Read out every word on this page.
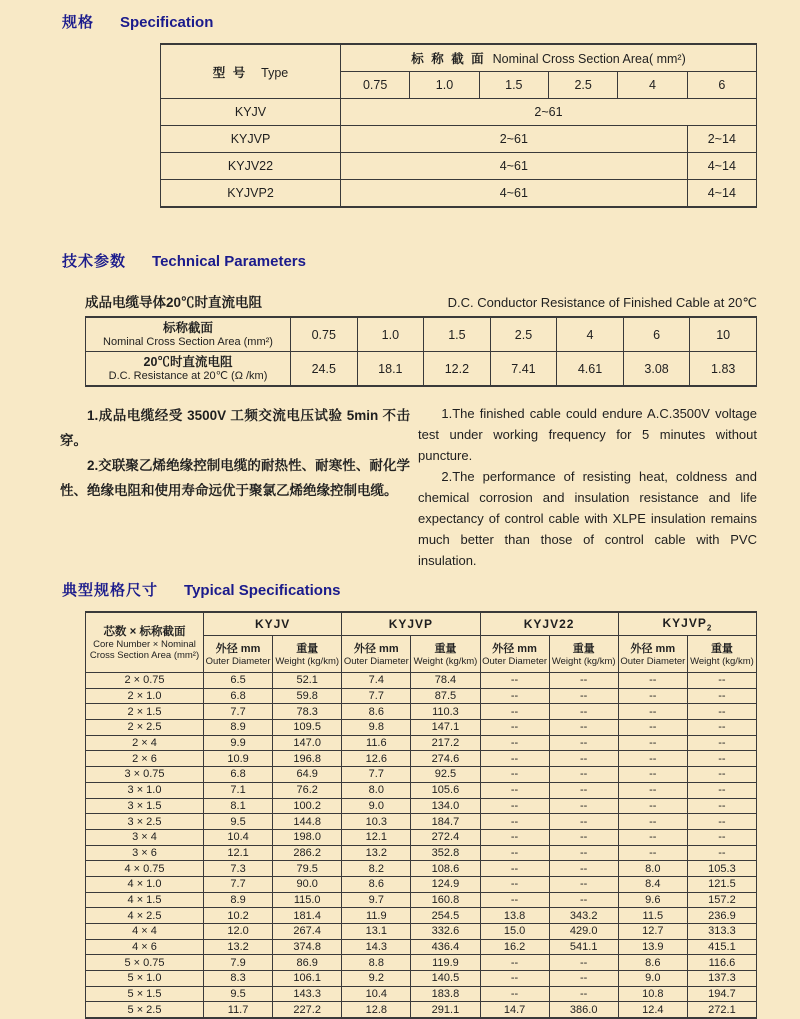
规格 Specification
型 号 Type	标 称 截 面 Nominal Cross Section Area( mm²)					
	0.75	1.0	1.5	2.5	4	6
KYJV	2~61					
KYJVP	2~61					2~14
KYJV22	4~61					4~14
KYJVP2	4~61					4~14
技术参数 Technical Parameters
成品电缆导体20℃时直流电阻	D.C. Conductor Resistance of Finished Cable at 20℃
标称截面
Nominal Cross Section Area (mm²)	0.75	1.0	1.5	2.5	4	6	10

20℃时直流电阻
D.C. Resistance at 20℃ (Ω /km)	24.5	18.1	12.2	7.41	4.61	3.08	1.83

1.成品电缆经受 3500V 工频交流电压试验 5min 不击穿。

2.交联聚乙烯绝缘控制电缆的耐热性、耐寒性、耐化学性、绝缘电阻和使用寿命远优于聚氯乙烯绝缘控制电缆。

1.The finished cable could endure A.C.3500V voltage test under working frequency for 5 minutes without puncture.

2.The performance of resisting heat, coldness and chemical corrosion and insulation resistance and life expectancy of control cable with XLPE insulation remains much better than those of control cable with PVC insulation.

典型规格尺寸 Typical Specifications
芯数 × 标称截面
Core Number × Nominal
Cross Section Area (mm²)	KYJV		KYJVP		KYJV22		$KYJVP_2$

	外径 mm
Outer Diameter	重量
Weight (kg/km)	外径 mm
Outer Diameter	重量
Weight (kg/km)	外径 mm
Outer Diameter	重量
Weight (kg/km)	外径 mm
Outer Diameter	重量
Weight (kg/km)

2 × 0.75	6.5	52.1	7.4	78.4	--	--	--	--
2 × 1.0	6.8	59.8	7.7	87.5	--	--	--	--
2 × 1.5	7.7	78.3	8.6	110.3	--	--	--	--
2 × 2.5	8.9	109.5	9.8	147.1	--	--	--	--
2 × 4	9.9	147.0	11.6	217.2	--	--	--	--
2 × 6	10.9	196.8	12.6	274.6	--	--	--	--
3 × 0.75	6.8	64.9	7.7	92.5	--	--	--	--
3 × 1.0	7.1	76.2	8.0	105.6	--	--	--	--
3 × 1.5	8.1	100.2	9.0	134.0	--	--	--	--
3 × 2.5	9.5	144.8	10.3	184.7	--	--	--	--
3 × 4	10.4	198.0	12.1	272.4	--	--	--	--
3 × 6	12.1	286.2	13.2	352.8	--	--	--	--
4 × 0.75	7.3	79.5	8.2	108.6	--	--	8.0	105.3
4 × 1.0	7.7	90.0	8.6	124.9	--	--	8.4	121.5
4 × 1.5	8.9	115.0	9.7	160.8	--	--	9.6	157.2
4 × 2.5	10.2	181.4	11.9	254.5	13.8	343.2	11.5	236.9
4 × 4	12.0	267.4	13.1	332.6	15.0	429.0	12.7	313.3
4 × 6	13.2	374.8	14.3	436.4	16.2	541.1	13.9	415.1
5 × 0.75	7.9	86.9	8.8	119.9	--	--	8.6	116.6
5 × 1.0	8.3	106.1	9.2	140.5	--	--	9.0	137.3
5 × 1.5	9.5	143.3	10.4	183.8	--	--	10.8	194.7
5 × 2.5	11.7	227.2	12.8	291.1	14.7	386.0	12.4	272.1
